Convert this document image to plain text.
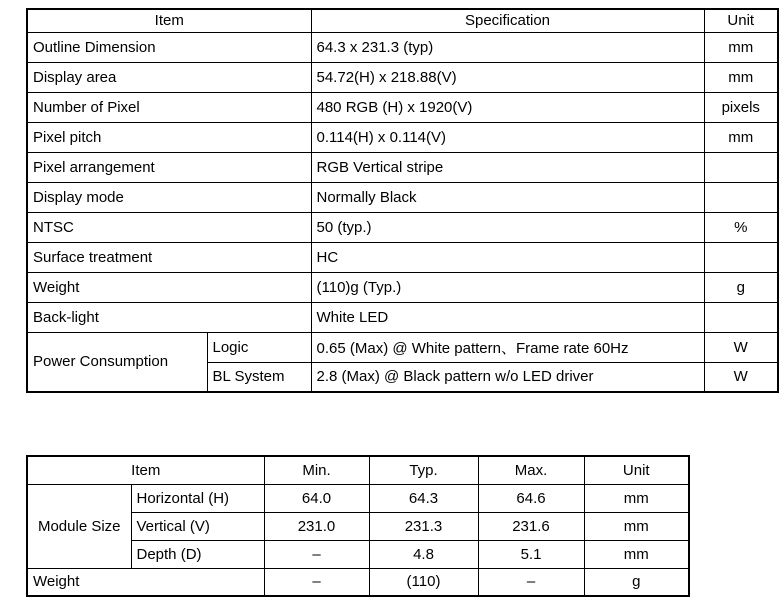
Item		Specification	Unit
Outline Dimension		64.3 x 231.3 (typ)	mm
Display area		54.72(H) x 218.88(V)	mm
Number of Pixel		480 RGB (H) x 1920(V)	pixels
Pixel pitch		0.114(H) x 0.114(V)	mm
Pixel arrangement		RGB Vertical stripe	
Display mode		Normally Black	
NTSC		50 (typ.)	%
Surface treatment		HC	
Weight		(110)g (Typ.)	g
Back-light		White LED	
Power Consumption	Logic	0.65 (Max) @ White pattern、Frame rate 60Hz	W
	BL System	2.8 (Max) @ Black pattern w/o LED driver	W
Item		Min.	Typ.	Max.	Unit
Module Size	Horizontal (H)	64.0	64.3	64.6	mm
	Vertical (V)	231.0	231.3	231.6	mm
	Depth (D)	–	4.8	5.1	mm
Weight		–	(110)	–	g
